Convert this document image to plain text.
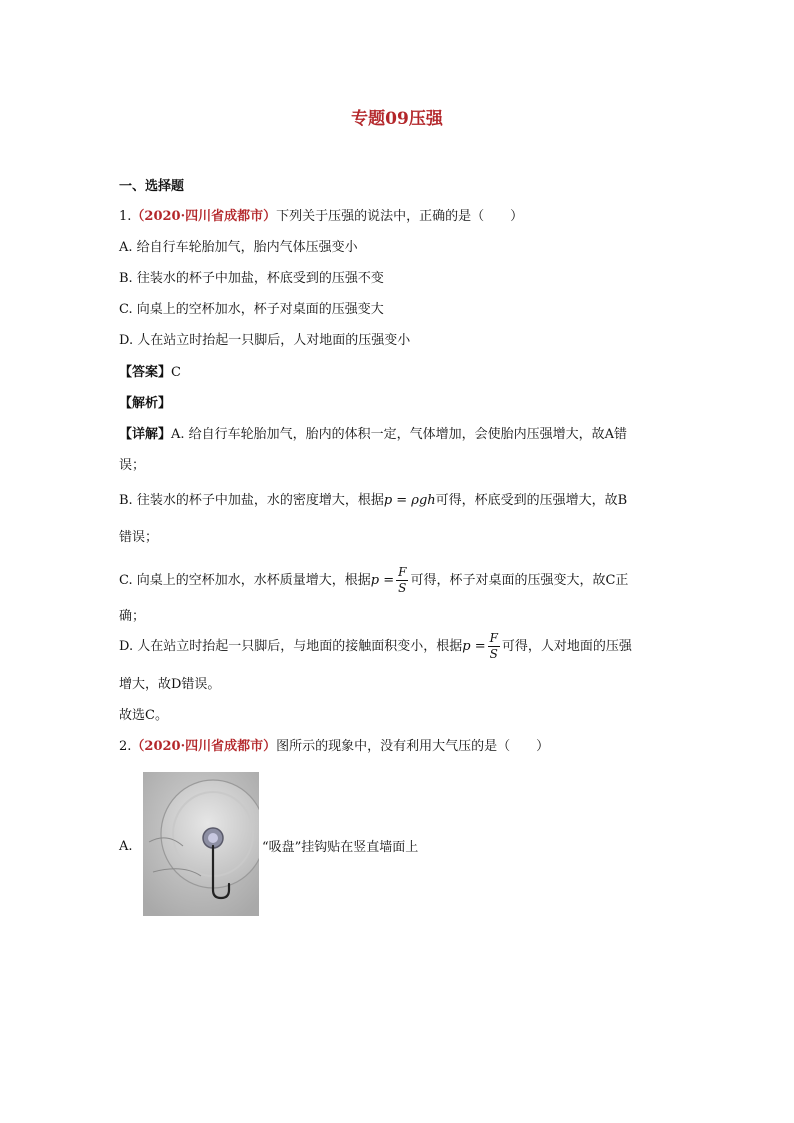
专题09压强
一、选择题
1.（2020·四川省成都市）下列关于压强的说法中，正确的是（　　）
A. 给自行车轮胎加气，胎内气体压强变小
B. 往装水的杯子中加盐，杯底受到的压强不变
C. 向桌上的空杯加水，杯子对桌面的压强变大
D. 人在站立时抬起一只脚后，人对地面的压强变小
【答案】C
【解析】
【详解】A. 给自行车轮胎加气，胎内的体积一定，气体增加，会使胎内压强增大，故A错
误；
B. 往装水的杯子中加盐，水的密度增大，根据p = ρgh可得，杯底受到的压强增大，故B
错误；
C. 向桌上的空杯加水，水杯质量增大，根据$p = \frac{F}{S}$ 可得，杯子对桌面的压强变大，故C正
确；
D. 人在站立时抬起一只脚后，与地面的接触面积变小，根据$p = \frac{F}{S}$ 可得，人对地面的压强
增大，故D错误。
故选C。
2.（2020·四川省成都市）图所示的现象中，没有利用大气压的是（　　）
A.	“吸盘”挂钩贴在竖直墙面上
